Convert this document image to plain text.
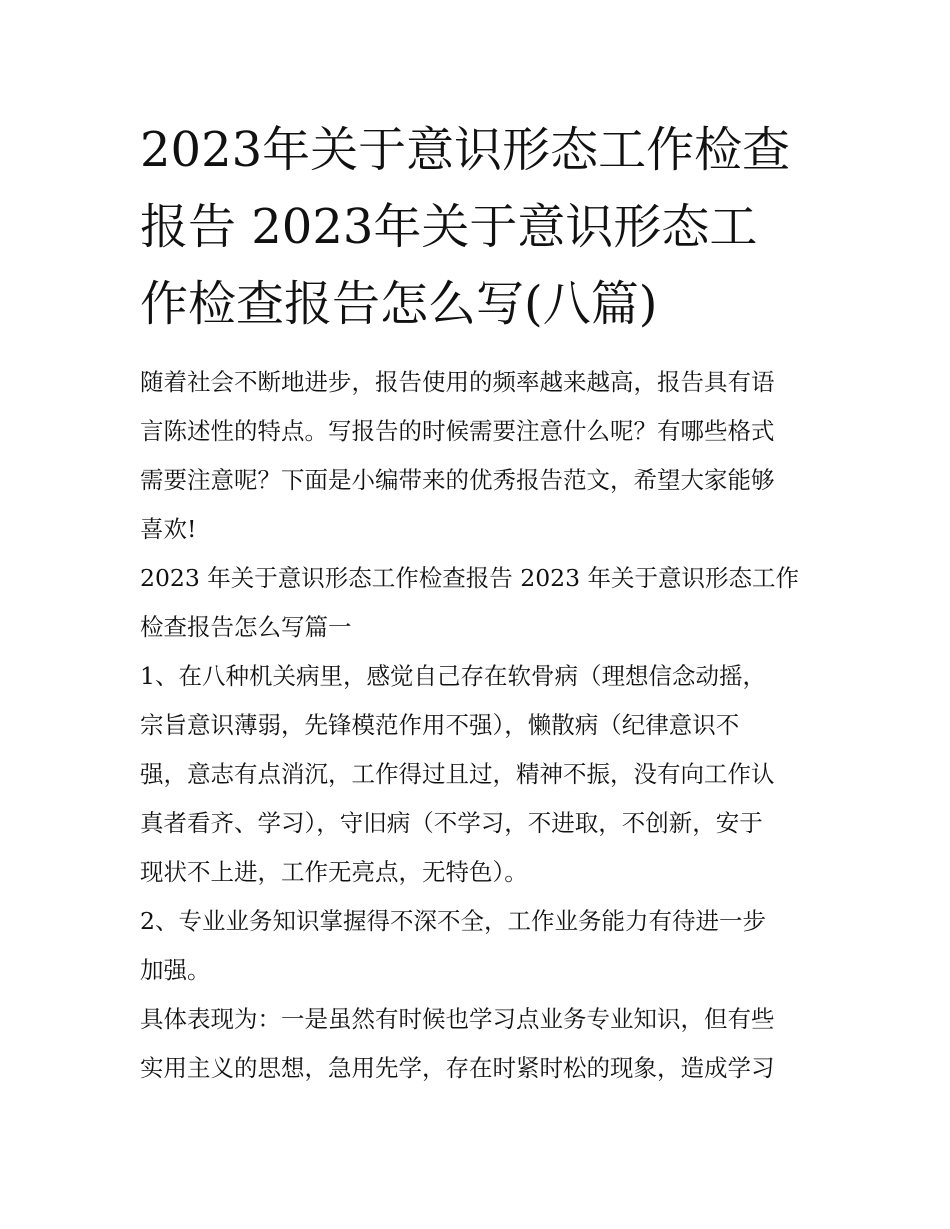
2023年关于意识形态工作检查
报告 2023年关于意识形态工
作检查报告怎么写(八篇)

随着社会不断地进步，报告使用的频率越来越高，报告具有语
言陈述性的特点。写报告的时候需要注意什么呢？有哪些格式
需要注意呢？下面是小编带来的优秀报告范文，希望大家能够
喜欢!

2023 年关于意识形态工作检查报告 2023 年关于意识形态工作
检查报告怎么写篇一

1、在八种机关病里，感觉自己存在软骨病（理想信念动摇，
宗旨意识薄弱，先锋模范作用不强），懒散病（纪律意识不
强，意志有点消沉，工作得过且过，精神不振，没有向工作认
真者看齐、学习），守旧病（不学习，不进取，不创新，安于
现状不上进，工作无亮点，无特色）。

2、专业业务知识掌握得不深不全，工作业务能力有待进一步
加强。

具体表现为：一是虽然有时候也学习点业务专业知识，但有些
实用主义的思想，急用先学，存在时紧时松的现象，造成学习
